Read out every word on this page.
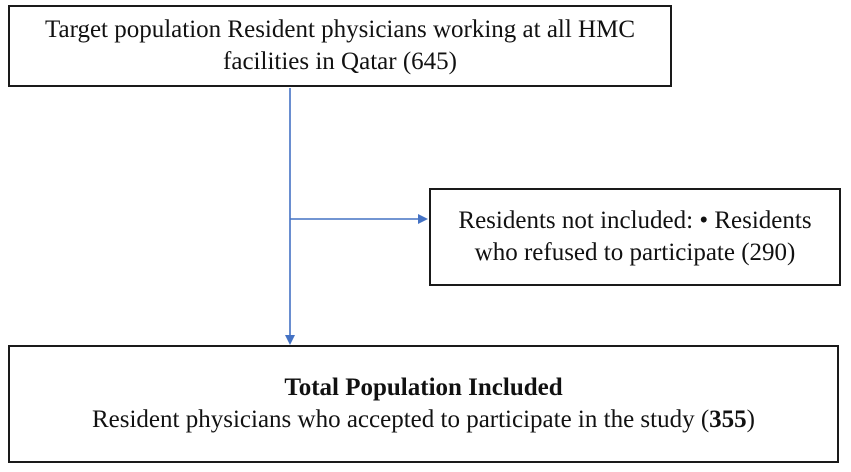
Target population Resident physicians working at all HMC facilities in Qatar (645)
Residents not included: • Residents who refused to participate (290)
Total Population Included
Resident physicians who accepted to participate in the study (355)
